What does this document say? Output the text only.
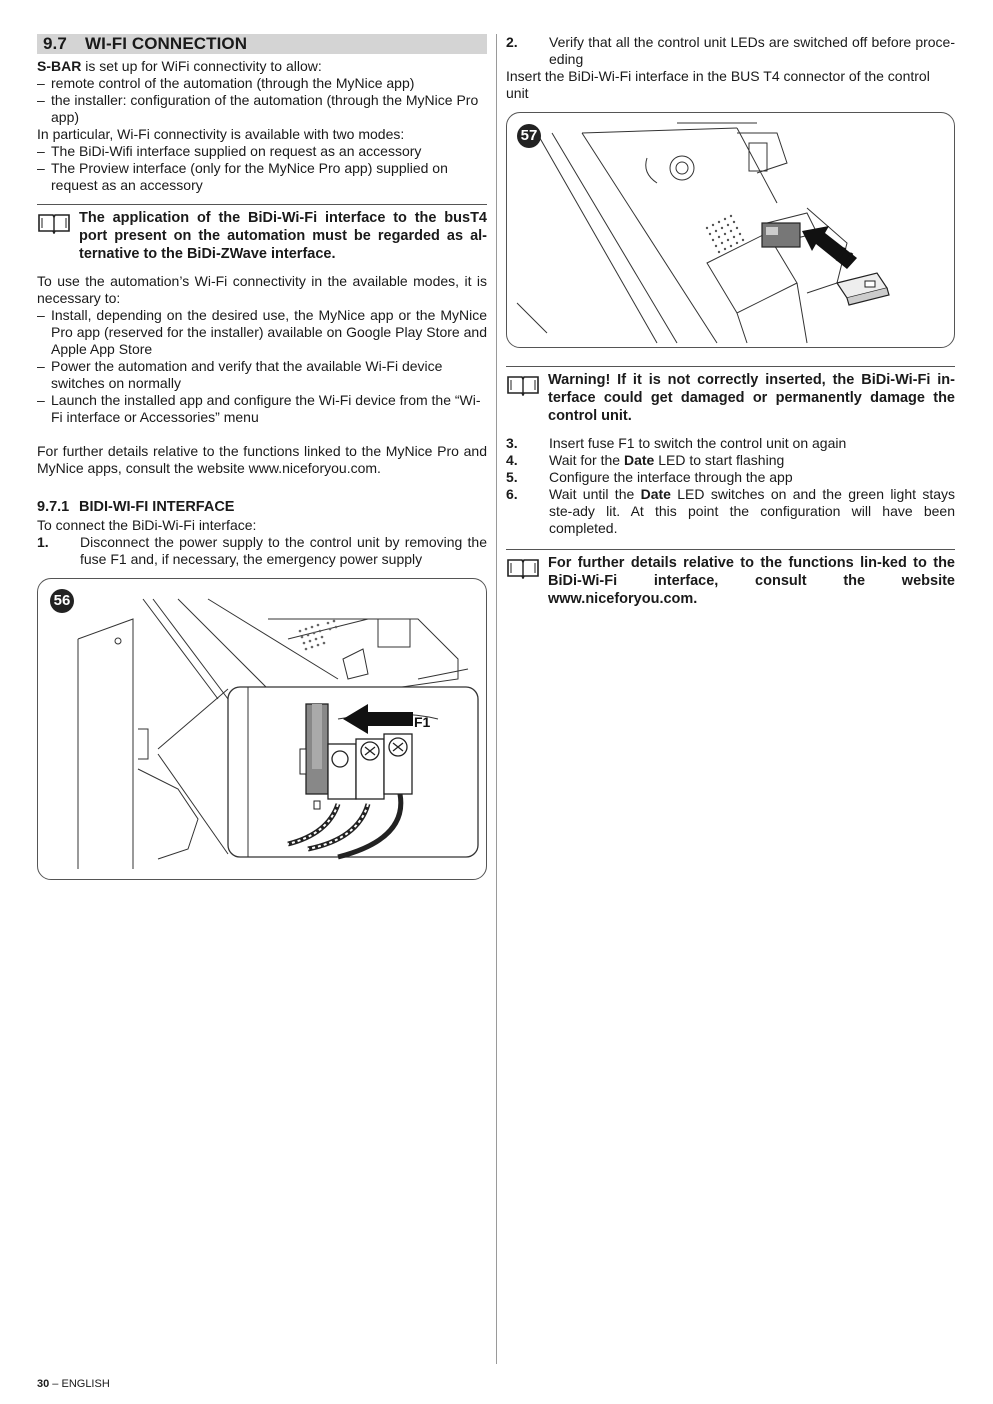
9.7 WI-FI CONNECTION

S-BAR is set up for WiFi connectivity to allow:

– remote control of the automation (through the MyNice app)
– the installer: configuration of the automation (through the MyNice Pro app)

In particular, Wi-Fi connectivity is available with two modes:

– The BiDi-Wifi interface supplied on request as an accessory
– The Proview interface (only for the MyNice Pro app) supplied on request as an accessory
The application of the BiDi-Wi-Fi interface to the busT4 port present on the automation must be regarded as al-ternative to the BiDi-ZWave interface.

To use the automation’s Wi-Fi connectivity in the available modes, it is necessary to:

– Install, depending on the desired use, the MyNice app or the MyNice Pro app (reserved for the installer) available on Google Play Store and Apple App Store
– Power the automation and verify that the available Wi-Fi device switches on normally
– Launch the installed app and configure the Wi-Fi device from the “Wi-Fi interface or Accessories” menu

For further details relative to the functions linked to the MyNice Pro and MyNice apps, consult the website www.niceforyou.com.

9.7.1 BIDI-WI-FI INTERFACE

To connect the BiDi-Wi-Fi interface:

1.	Disconnect the power supply to the control unit by removing the fuse F1 and, if necessary, the emergency power supply
F1
56
2.	Verify that all the control unit LEDs are switched off before proce-eding

Insert the BiDi-Wi-Fi interface in the BUS T4 connector of the control unit

57
Warning! If it is not correctly inserted, the BiDi-Wi-Fi in-terface could get damaged or permanently damage the control unit.
3.	Insert fuse F1 to switch the control unit on again
4.	Wait for the Date LED to start flashing
5.	Configure the interface through the app
6.	Wait until the Date LED switches on and the green light stays ste-ady lit. At this point the configuration will have been completed.
For further details relative to the functions lin-ked to the BiDi-Wi-Fi interface, consult the website www.niceforyou.com.
30 – ENGLISH
